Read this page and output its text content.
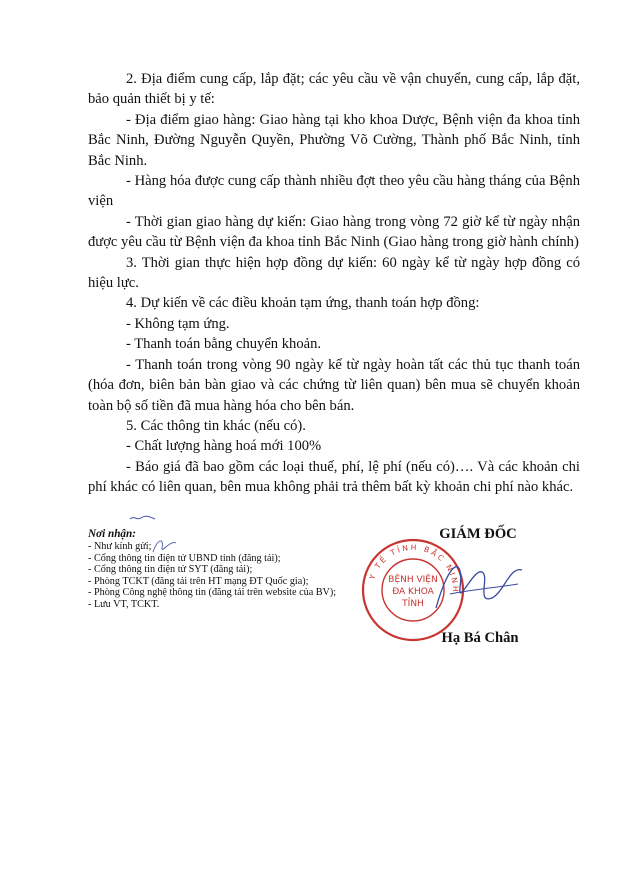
2. Địa điểm cung cấp, lắp đặt; các yêu cầu về vận chuyển, cung cấp, lắp đặt, bảo quản thiết bị y tế:

- Địa điểm giao hàng: Giao hàng tại kho khoa Dược, Bệnh viện đa khoa tỉnh Bắc Ninh, Đường Nguyễn Quyền, Phường Võ Cường, Thành phố Bắc Ninh, tỉnh Bắc Ninh.

- Hàng hóa được cung cấp thành nhiều đợt theo yêu cầu hàng tháng của Bệnh viện

- Thời gian giao hàng dự kiến: Giao hàng trong vòng 72 giờ kể từ ngày nhận được yêu cầu từ Bệnh viện đa khoa tỉnh Bắc Ninh (Giao hàng trong giờ hành chính)

3. Thời gian thực hiện hợp đồng dự kiến: 60 ngày kể từ ngày hợp đồng có hiệu lực.

4. Dự kiến về các điều khoản tạm ứng, thanh toán hợp đồng:

- Không tạm ứng.

- Thanh toán bằng chuyển khoản.

- Thanh toán trong vòng 90 ngày kể từ ngày hoàn tất các thủ tục thanh toán (hóa đơn, biên bản bàn giao và các chứng từ liên quan) bên mua sẽ chuyển khoản toàn bộ số tiền đã mua hàng hóa cho bên bán.

5. Các thông tin khác (nếu có).

- Chất lượng hàng hoá mới 100%

- Báo giá đã bao gồm các loại thuế, phí, lệ phí (nếu có)…. Và các khoản chi phí khác có liên quan, bên mua không phải trả thêm bất kỳ khoản chi phí nào khác.

Nơi nhận:
- Như kính gửi;
- Cổng thông tin điện tử UBND tỉnh (đăng tải);
- Cổng thông tin điện tử SYT (đăng tải);
- Phòng TCKT (đăng tải trên HT mạng ĐT Quốc gia);
- Phòng Công nghệ thông tin (đăng tải trên website của BV);
- Lưu VT, TCKT.
GIÁM ĐỐC
Y TẾ TỈNH BẮC NINH
BỆNH VIỆN
ĐA KHOA
TỈNH
Hạ Bá Chân
